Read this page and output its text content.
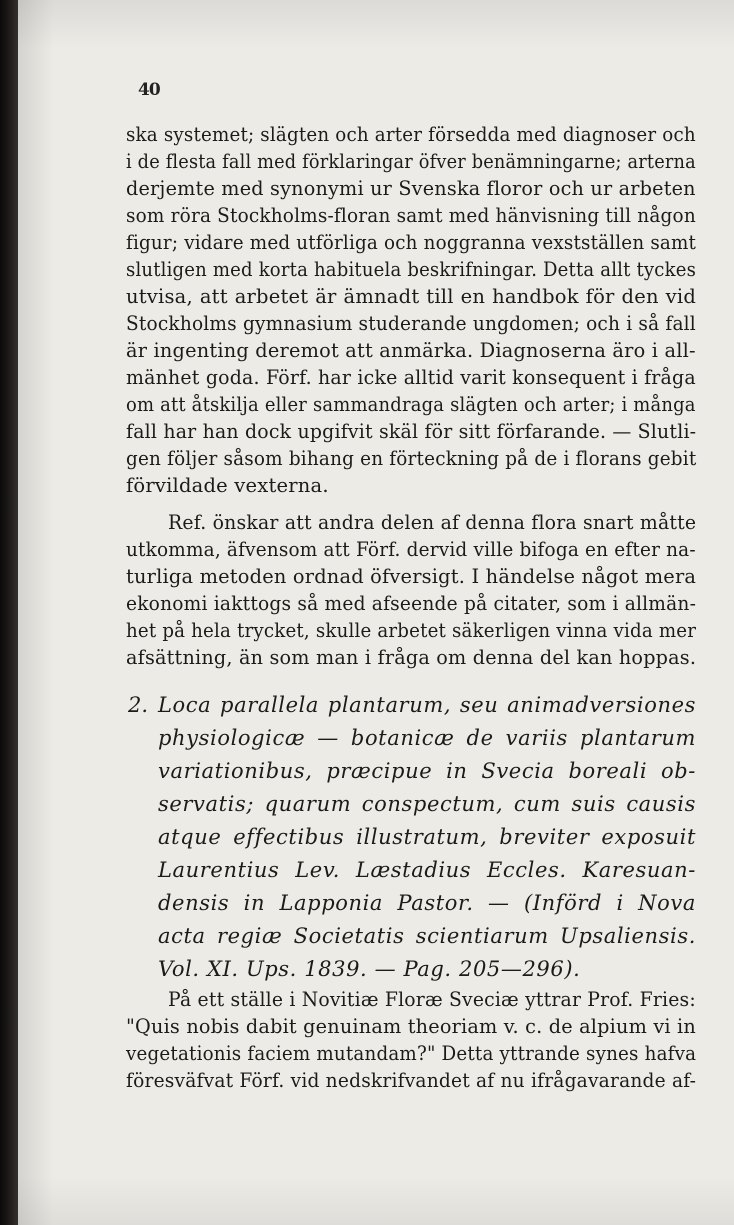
40
ska systemet; slägten och arter försedda med diagnoser och
i de flesta fall med förklaringar öfver benämningarne; arterna
derjemte med synonymi ur Svenska floror och ur arbeten
som röra Stockholms-floran samt med hänvisning till någon
figur; vidare med utförliga och noggranna vexstställen samt
slutligen med korta habituela beskrifningar. Detta allt tyckes
utvisa, att arbetet är ämnadt till en handbok för den vid
Stockholms gymnasium studerande ungdomen; och i så fall
är ingenting deremot att anmärka. Diagnoserna äro i all-
mänhet goda. Förf. har icke alltid varit konsequent i fråga
om att åtskilja eller sammandraga slägten och arter; i många
fall har han dock upgifvit skäl för sitt förfarande. — Slutli-
gen följer såsom bihang en förteckning på de i florans gebit
förvildade vexterna.
Ref. önskar att andra delen af denna flora snart måtte
utkomma, äfvensom att Förf. dervid ville bifoga en efter na-
turliga metoden ordnad öfversigt. I händelse något mera
ekonomi iakttogs så med afseende på citater, som i allmän-
het på hela trycket, skulle arbetet säkerligen vinna vida mer
afsättning, än som man i fråga om denna del kan hoppas.
2. Loca parallela plantarum, seu animadversiones
physiologicæ — botanicæ de variis plantarum
variationibus, præcipue in Svecia boreali ob-
servatis; quarum conspectum, cum suis causis
atque effectibus illustratum, breviter exposuit
Laurentius Lev. Læstadius Eccles. Karesuan-
densis in Lapponia Pastor. — (Införd i Nova
acta regiæ Societatis scientiarum Upsaliensis.
Vol. XI. Ups. 1839. — Pag. 205—296).
På ett ställe i Novitiæ Floræ Sveciæ yttrar Prof. Fries:
"Quis nobis dabit genuinam theoriam v. c. de alpium vi in
vegetationis faciem mutandam?" Detta yttrande synes hafva
föresväfvat Förf. vid nedskrifvandet af nu ifrågavarande af-
